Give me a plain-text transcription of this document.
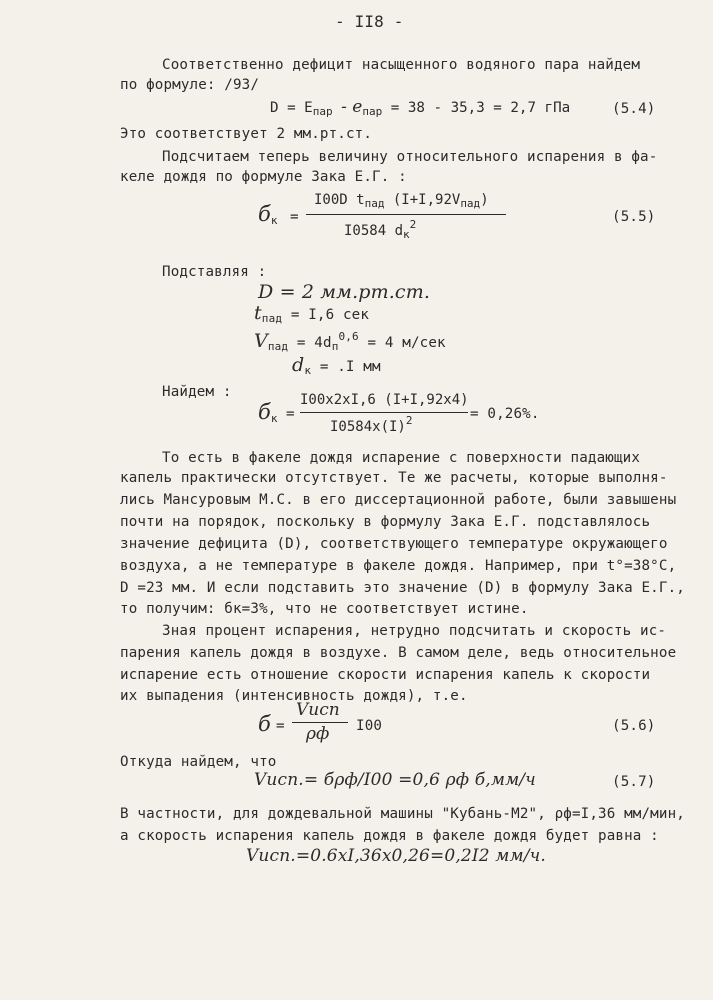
- II8 -
Соответственно дефицит насыщенного водяного пара найдем
по формуле: /93/
$D = E_{пар} - e_{пар} = 38 - 35,3 = 2,7$ гПа	(5.4)
Это соответствует 2 мм.рт.ст.
Подсчитаем теперь величину относительного испарения в фа-
келе дождя по формуле Зака Е.Г. :
$б_к$ =
I00D $t_{пад}$ $(I+I,92V_{пад})$
I0584 $d_к^2$	(5.5)
Подставляя :
D = 2 мм.рт.ст.
$t_{пад} = I,6$ сек
$V_{пад} = 4d_п^{0,6} = 4$ м/сек
$d_к = .I$ мм
Найдем :
$б_к$ =
I00x2xI,6 (I+I,92x4)
$I0584x(I)^2$	= 0,26%.
То есть в факеле дождя испарение с поверхности падающих
капель практически отсутствует. Те же расчеты, которые выполня-
лись Мансуровым М.С. в его диссертационной работе, были завышены
почти на порядок, поскольку в формулу Зака Е.Г. подставлялось
значение дефицита (D), соответствующего температуре окружающего
воздуха, а не температуре в факеле дождя. Например, при t°=38°С,
D =23 мм. И если подставить это значение (D) в формулу Зака Е.Г.,
то получим: бк=3%, что не соответствует истине.
Зная процент испарения, нетрудно подсчитать и скорость ис-
парения капель дождя в воздухе. В самом деле, ведь относительное
испарение есть отношение скорости испарения капель к скорости
их выпадения (интенсивность дождя), т.е.
б =
Vисп
ρф I00	(5.6)
Откуда найдем, что
Vисп.= бρф/I00 =0,6 ρф б,мм/ч	(5.7)
В частности, для дождевальной машины "Кубань-М2", ρф=I,36 мм/мин,
а скорость испарения капель дождя в факеле дождя будет равна :
Vисп.=0.6xI,36x0,26=0,2I2 мм/ч.
